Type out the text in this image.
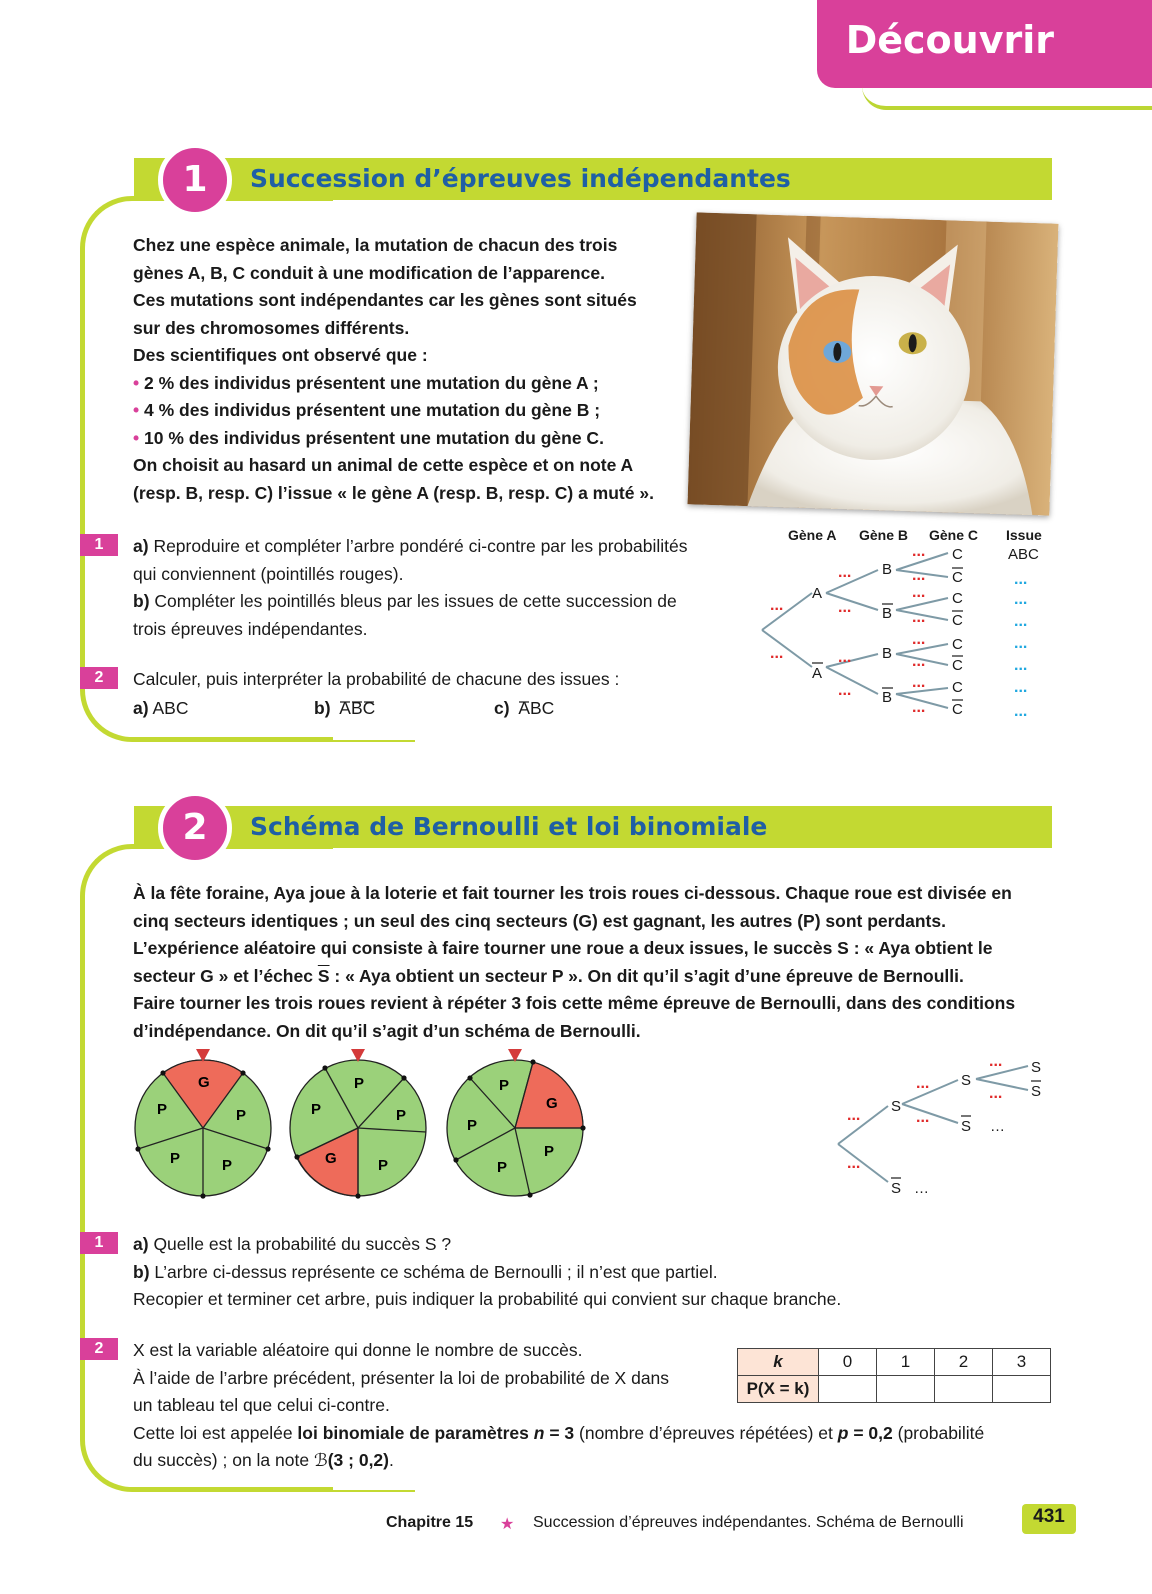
Découvrir
1	Succession d’épreuves indépendantes
Chez une espèce animale, la mutation de chacun des trois
gènes A, B, C conduit à une modification de l’apparence.
Ces mutations sont indépendantes car les gènes sont situés
sur des chromosomes différents.
Des scientifiques ont observé que :
• 2 % des individus présentent une mutation du gène A ;
• 4 % des individus présentent une mutation du gène B ;
• 10 % des individus présentent une mutation du gène C.
On choisit au hasard un animal de cette espèce et on note A
(resp. B, resp. C) l’issue « le gène A (resp. B, resp. C) a muté ».
1	a) Reproduire et compléter l’arbre pondéré ci-contre par les probabilités
qui conviennent (pointillés rouges).
b) Compléter les pointillés bleus par les issues de cette succession de
trois épreuves indépendantes.
2	Calculer, puis interpréter la probabilité de chacune des issues :
a) ABC	b) ABC	c) ABC
Gène A Gène B Gène C Issue
A
A
B
B
B
B
C
C
C
C
C
C
C
C
ABC
...
...
...
...
...
...
...
...
...
...
...
...
...
...
...
...
...
...
...
...
...
2	Schéma de Bernoulli et loi binomiale
À la fête foraine, Aya joue à la loterie et fait tourner les trois roues ci-dessous. Chaque roue est divisée en
cinq secteurs identiques ; un seul des cinq secteurs (G) est gagnant, les autres (P) sont perdants.
L’expérience aléatoire qui consiste à faire tourner une roue a deux issues, le succès S : « Aya obtient le
secteur G » et l’échec $\overline{S}$ : « Aya obtient un secteur P ». On dit qu’il s’agit d’une épreuve de Bernoulli.
Faire tourner les trois roues revient à répéter 3 fois cette même épreuve de Bernoulli, dans des conditions
d’indépendance. On dit qu’il s’agit d’un schéma de Bernoulli.
G
P	P
P	P
P
P	P
G	P
P
G
P
P
P
S
S
S
S
S
S
…
…
...
...
...
...
...
...
1	a) Quelle est la probabilité du succès S ?
b) L’arbre ci-dessus représente ce schéma de Bernoulli ; il n’est que partiel.
Recopier et terminer cet arbre, puis indiquer la probabilité qui convient sur chaque branche.
2	X est la variable aléatoire qui donne le nombre de succès.
À l’aide de l’arbre précédent, présenter la loi de probabilité de X dans
un tableau tel que celui ci-contre.
Cette loi est appelée loi binomiale de paramètres n = 3 (nombre d’épreuves répétées) et p = 0,2 (probabilité
du succès) ; on la note ℬ(3 ; 0,2).
k	0	1	2	3
P(X = k)				
Chapitre 15 ★ Succession d’épreuves indépendantes. Schéma de Bernoulli	431
